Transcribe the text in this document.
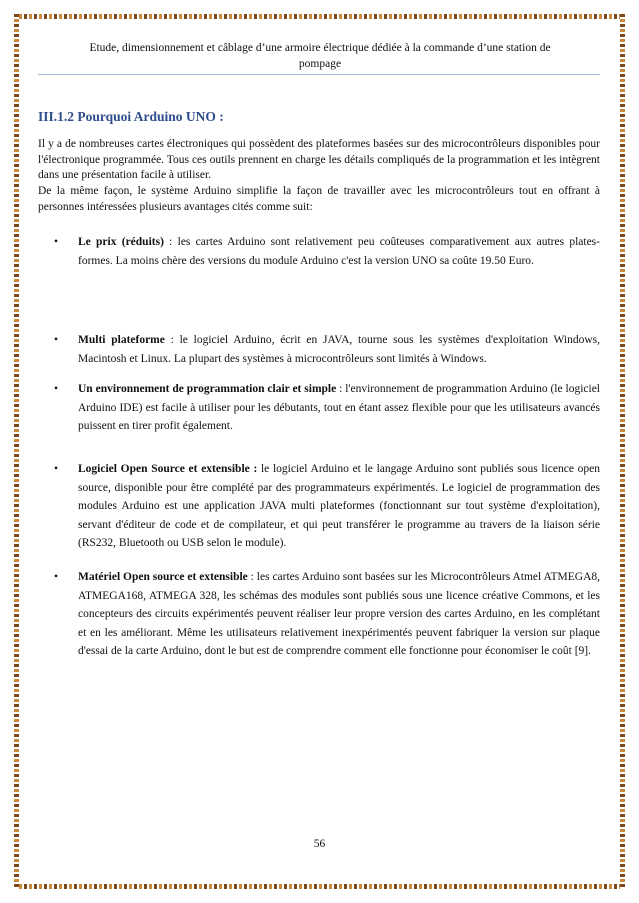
Etude, dimensionnement et câblage d’une armoire électrique dédiée à la commande d’une station de
pompage
III.1.2 Pourquoi Arduino UNO :

Il y a de nombreuses cartes électroniques qui possèdent des plateformes basées sur des microcontrôleurs disponibles pour l'électronique programmée. Tous ces outils prennent en charge les détails compliqués de la programmation et les intègrent dans une présentation facile à utiliser.

De la même façon, le système Arduino simplifie la façon de travailler avec les microcontrôleurs tout en offrant à personnes intéressées plusieurs avantages cités comme suit:

• Le prix (réduits) : les cartes Arduino sont relativement peu coûteuses comparativement aux autres plates-formes. La moins chère des versions du module Arduino c'est la version UNO sa coûte 19.50 Euro.
• Multi plateforme : le logiciel Arduino, écrit en JAVA, tourne sous les systèmes d'exploitation Windows, Macintosh et Linux. La plupart des systèmes à microcontrôleurs sont limités à Windows.
• Un environnement de programmation clair et simple : l'environnement de programmation Arduino (le logiciel Arduino IDE) est facile à utiliser pour les débutants, tout en étant assez flexible pour que les utilisateurs avancés puissent en tirer profit également.
• Logiciel Open Source et extensible : le logiciel Arduino et le langage Arduino sont publiés sous licence open source, disponible pour être complété par des programmateurs expérimentés. Le logiciel de programmation des modules Arduino est une application JAVA multi plateformes (fonctionnant sur tout système d'exploitation), servant d'éditeur de code et de compilateur, et qui peut transférer le programme au travers de la liaison série (RS232, Bluetooth ou USB selon le module).
• Matériel Open source et extensible : les cartes Arduino sont basées sur les Microcontrôleurs Atmel ATMEGA8, ATMEGA168, ATMEGA 328, les schémas des modules sont publiés sous une licence créative Commons, et les concepteurs des circuits expérimentés peuvent réaliser leur propre version des cartes Arduino, en les complétant et en les améliorant. Même les utilisateurs relativement inexpérimentés peuvent fabriquer la version sur plaque d'essai de la carte Arduino, dont le but est de comprendre comment elle fonctionne pour économiser le coût [9].
56
